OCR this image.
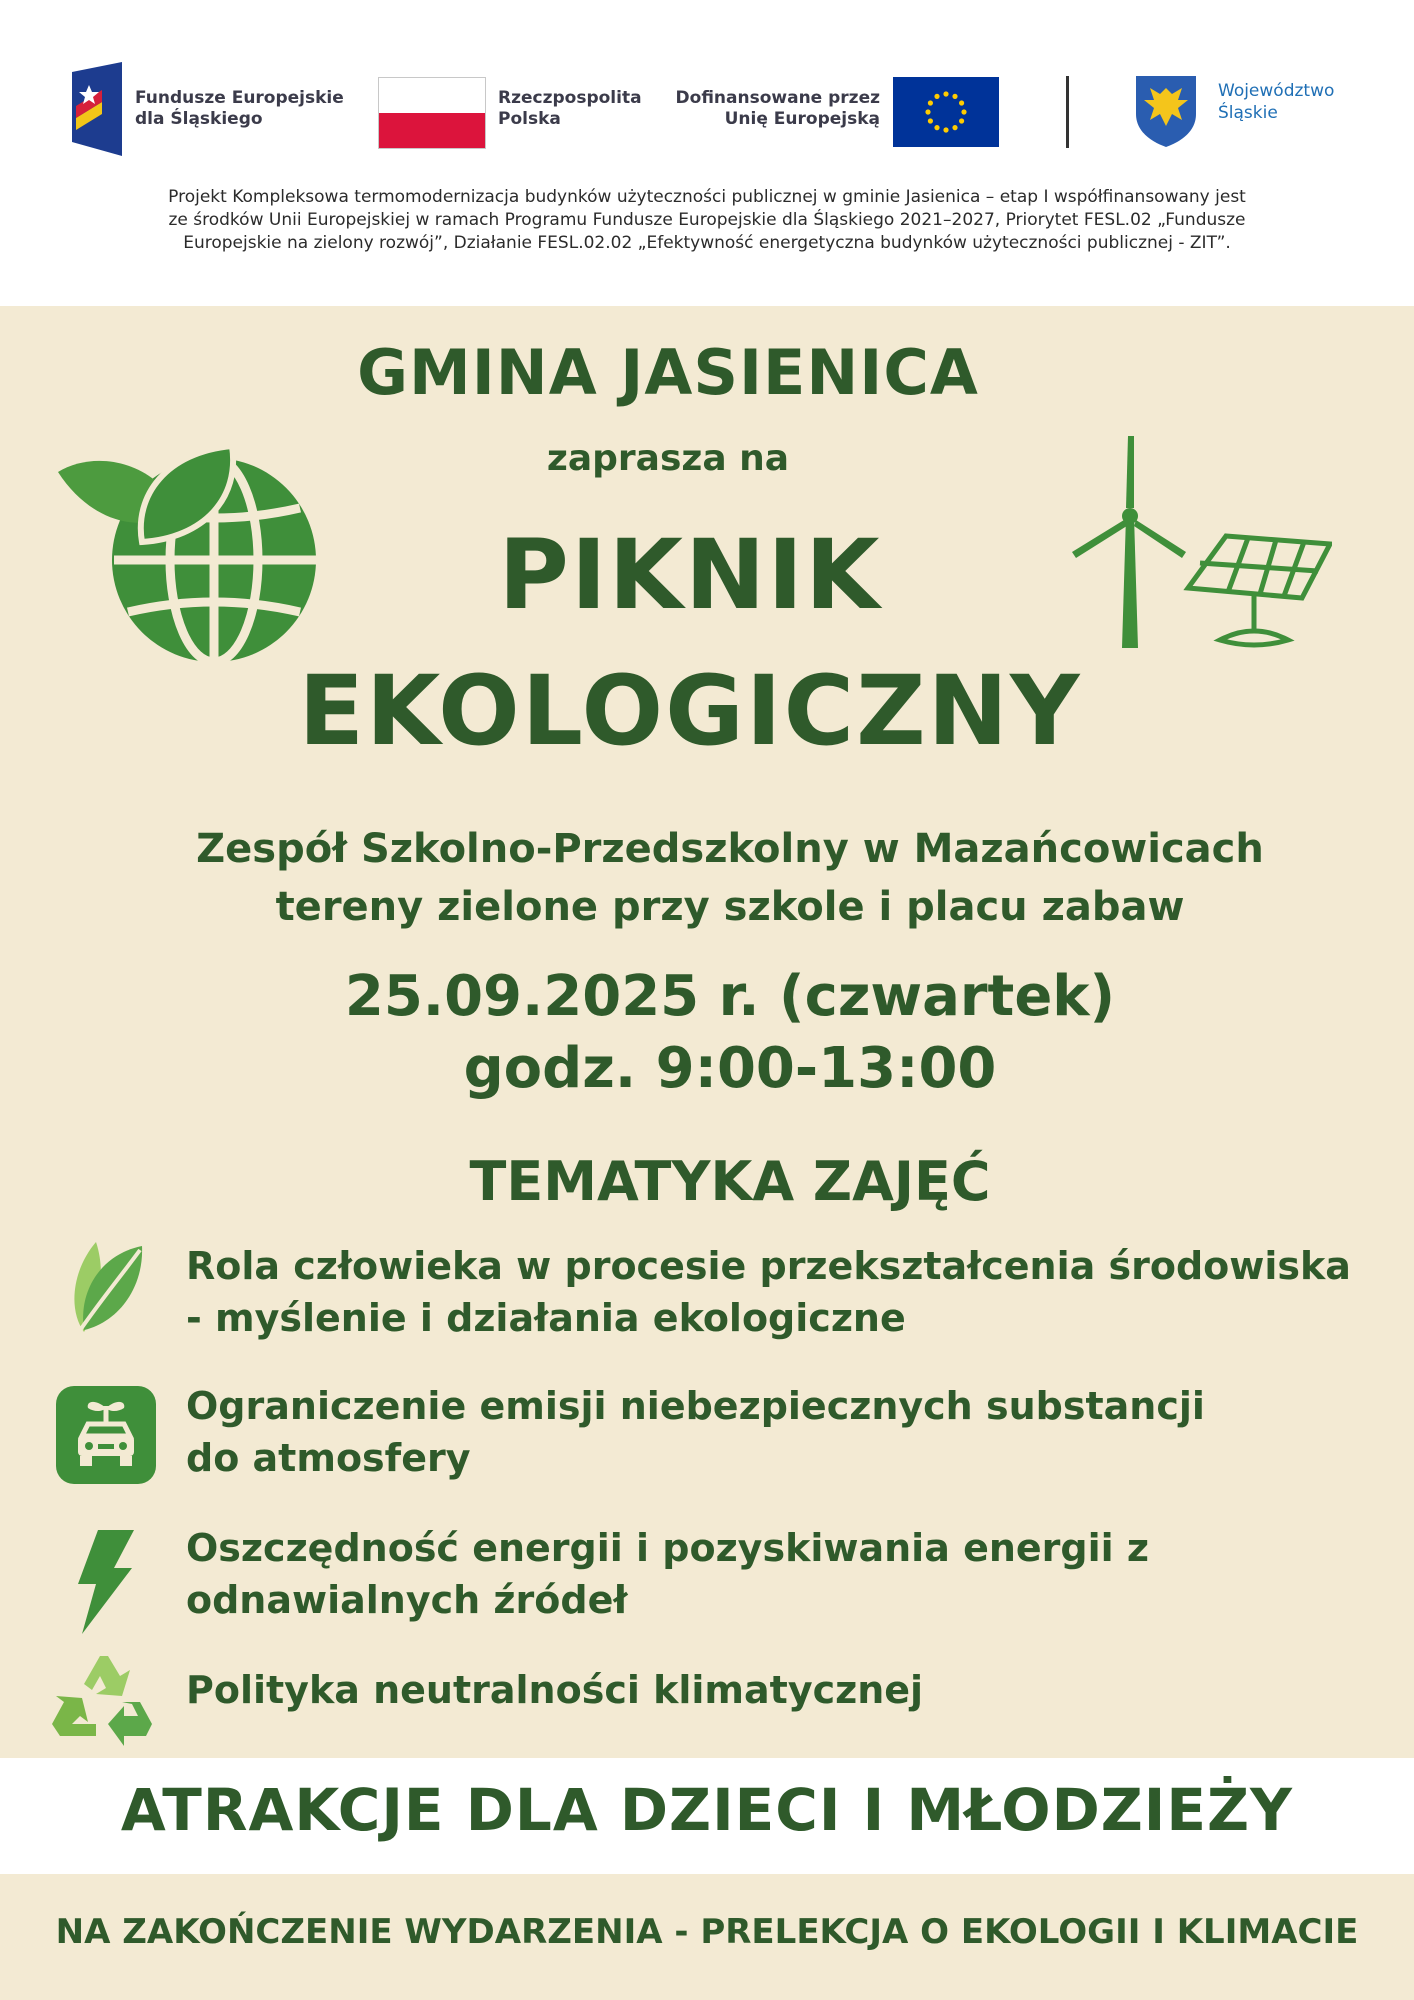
Fundusze Europejskie
dla Śląskiego
Rzeczpospolita
Polska
Dofinansowane przez
Unię Europejską
Województwo
Śląskie
Projekt Kompleksowa termomodernizacja budynków użyteczności publicznej w gminie Jasienica – etap I współfinansowany jest
ze środków Unii Europejskiej w ramach Programu Fundusze Europejskie dla Śląskiego 2021–2027, Priorytet FESL.02 „Fundusze
Europejskie na zielony rozwój”, Działanie FESL.02.02 „Efektywność energetyczna budynków użyteczności publicznej - ZIT”.
GMINA JASIENICA
zaprasza na
PIKNIK
EKOLOGICZNY
Zespół Szkolno-Przedszkolny w Mazańcowicach
tereny zielone przy szkole i placu zabaw
25.09.2025 r. (czwartek)
godz. 9:00-13:00
TEMATYKA ZAJĘĆ
Rola człowieka w procesie przekształcenia środowiska
- myślenie i działania ekologiczne
Ograniczenie emisji niebezpiecznych substancji
do atmosfery
Oszczędność energii i pozyskiwania energii z
odnawialnych źródeł
Polityka neutralności klimatycznej
ATRAKCJE DLA DZIECI I MŁODZIEŻY
NA ZAKOŃCZENIE WYDARZENIA - PRELEKCJA O EKOLOGII I KLIMACIE
